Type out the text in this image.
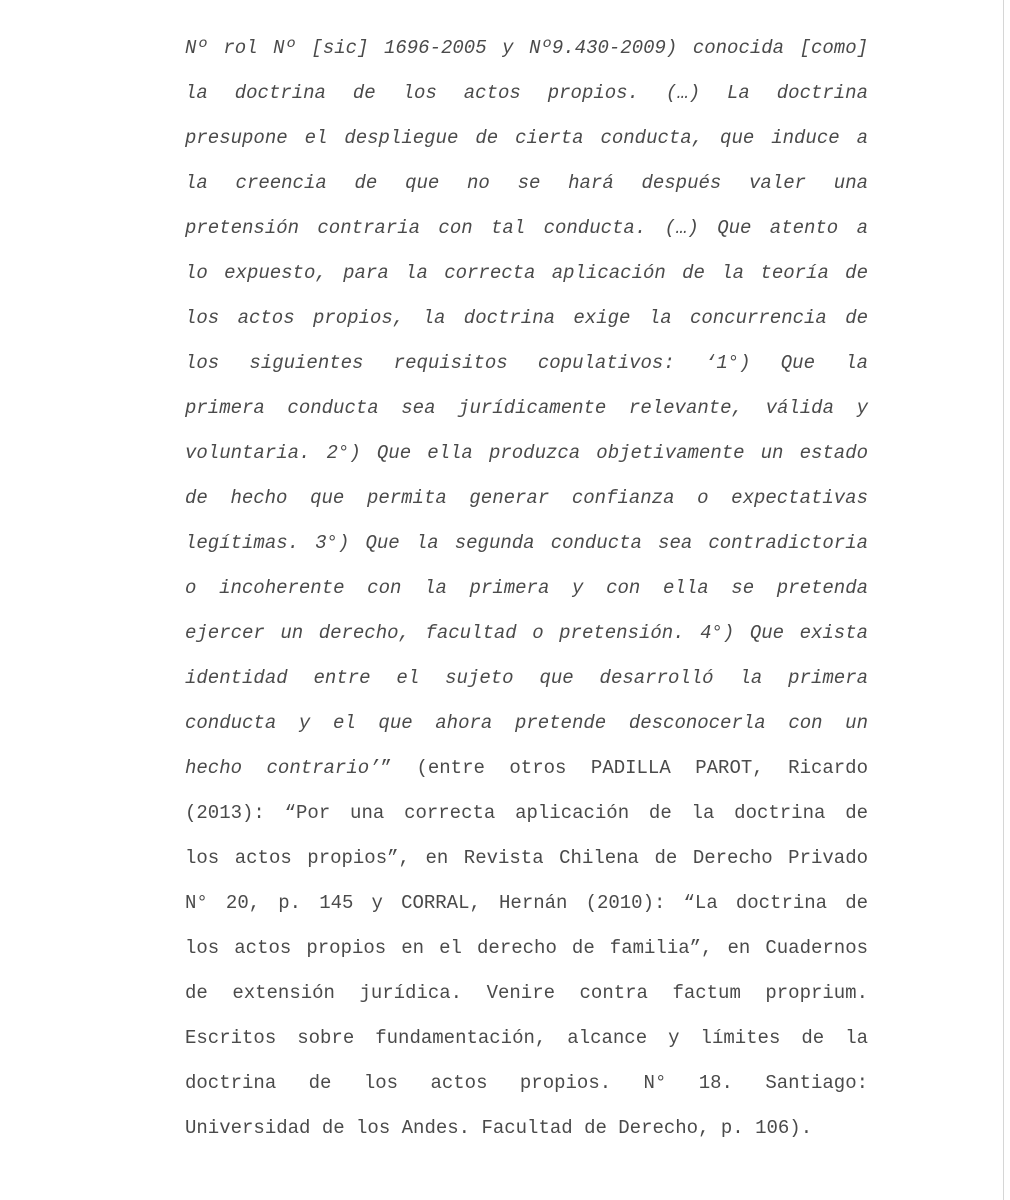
Nº rol Nº [sic] 1696-2005 y Nº9.430-2009) conocida [como]
la doctrina de los actos propios. (…) La doctrina
presupone el despliegue de cierta conducta, que induce a
la creencia de que no se hará después valer una
pretensión contraria con tal conducta. (…) Que atento a
lo expuesto, para la correcta aplicación de la teoría de
los actos propios, la doctrina exige la concurrencia de
los siguientes requisitos copulativos: ‘1°) Que la
primera conducta sea jurídicamente relevante, válida y
voluntaria. 2°) Que ella produzca objetivamente un estado
de hecho que permita generar confianza o expectativas
legítimas. 3°) Que la segunda conducta sea contradictoria
o incoherente con la primera y con ella se pretenda
ejercer un derecho, facultad o pretensión. 4°) Que exista
identidad entre el sujeto que desarrolló la primera
conducta y el que ahora pretende desconocerla con un
hecho contrario’” (entre otros PADILLA PAROT, Ricardo
(2013): “Por una correcta aplicación de la doctrina de
los actos propios”, en Revista Chilena de Derecho Privado
N° 20, p. 145 y CORRAL, Hernán (2010): “La doctrina de
los actos propios en el derecho de familia”, en Cuadernos
de extensión jurídica. Venire contra factum proprium.
Escritos sobre fundamentación, alcance y límites de la
doctrina de los actos propios. N° 18. Santiago:
Universidad de los Andes. Facultad de Derecho, p. 106).
